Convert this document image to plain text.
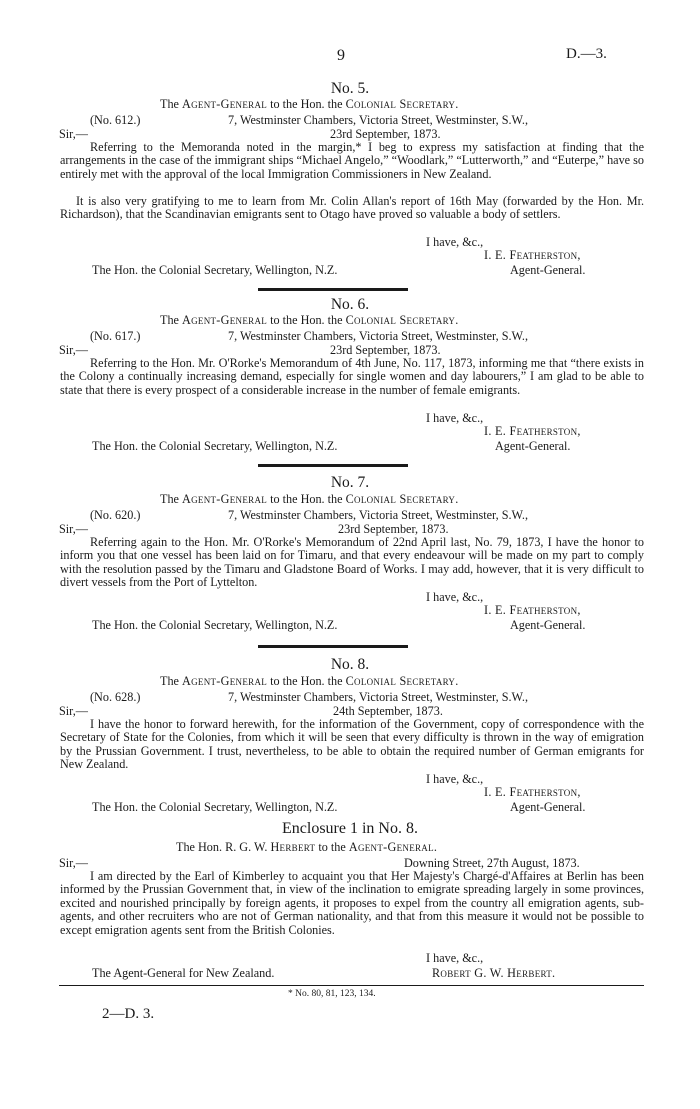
9	D.—3.
No. 5.
The Agent-General to the Hon. the Colonial Secretary.
(No. 612.)	7, Westminster Chambers, Victoria Street, Westminster, S.W.,
Sir,—	23rd September, 1873.
Referring to the Memoranda noted in the margin,* I beg to express my satisfaction at finding that the arrangements in the case of the immigrant ships “Michael Angelo,” “Woodlark,” “Lutterworth,” and “Euterpe,” have so entirely met with the approval of the local Immigration Commissioners in New Zealand.
It is also very gratifying to me to learn from Mr. Colin Allan's report of 16th May (forwarded by the Hon. Mr. Richardson), that the Scandinavian emigrants sent to Otago have proved so valuable a body of settlers.
I have, &c.,
I. E. Featherston,
The Hon. the Colonial Secretary, Wellington, N.Z.	Agent-General.
No. 6.
The Agent-General to the Hon. the Colonial Secretary.
(No. 617.)	7, Westminster Chambers, Victoria Street, Westminster, S.W.,
Sir,—	23rd September, 1873.
Referring to the Hon. Mr. O'Rorke's Memorandum of 4th June, No. 117, 1873, informing me that “there exists in the Colony a continually increasing demand, especially for single women and day labourers,” I am glad to be able to state that there is every prospect of a considerable increase in the number of female emigrants.
I have, &c.,
I. E. Featherston,
The Hon. the Colonial Secretary, Wellington, N.Z.	Agent-General.
No. 7.
The Agent-General to the Hon. the Colonial Secretary.
(No. 620.)	7, Westminster Chambers, Victoria Street, Westminster, S.W.,
Sir,—	23rd September, 1873.
Referring again to the Hon. Mr. O'Rorke's Memorandum of 22nd April last, No. 79, 1873, I have the honor to inform you that one vessel has been laid on for Timaru, and that every endeavour will be made on my part to comply with the resolution passed by the Timaru and Gladstone Board of Works. I may add, however, that it is very difficult to divert vessels from the Port of Lyttelton.
I have, &c.,
I. E. Featherston,
The Hon. the Colonial Secretary, Wellington, N.Z.	Agent-General.
No. 8.
The Agent-General to the Hon. the Colonial Secretary.
(No. 628.)	7, Westminster Chambers, Victoria Street, Westminster, S.W.,
Sir,—	24th September, 1873.
I have the honor to forward herewith, for the information of the Government, copy of correspondence with the Secretary of State for the Colonies, from which it will be seen that every difficulty is thrown in the way of emigration by the Prussian Government. I trust, nevertheless, to be able to obtain the required number of German emigrants for New Zealand.
I have, &c.,
I. E. Featherston,
The Hon. the Colonial Secretary, Wellington, N.Z.	Agent-General.
Enclosure 1 in No. 8.
The Hon. R. G. W. Herbert to the Agent-General.
Sir,—	Downing Street, 27th August, 1873.
I am directed by the Earl of Kimberley to acquaint you that Her Majesty's Chargé-d'Affaires at Berlin has been informed by the Prussian Government that, in view of the inclination to emigrate spreading largely in some provinces, excited and nourished principally by foreign agents, it proposes to expel from the country all emigration agents, sub-agents, and other recruiters who are not of German nationality, and that from this measure it would not be possible to except emigration agents sent from the British Colonies.
I have, &c.,
The Agent-General for New Zealand.	Robert G. W. Herbert.
* No. 80, 81, 123, 134.
2—D. 3.
